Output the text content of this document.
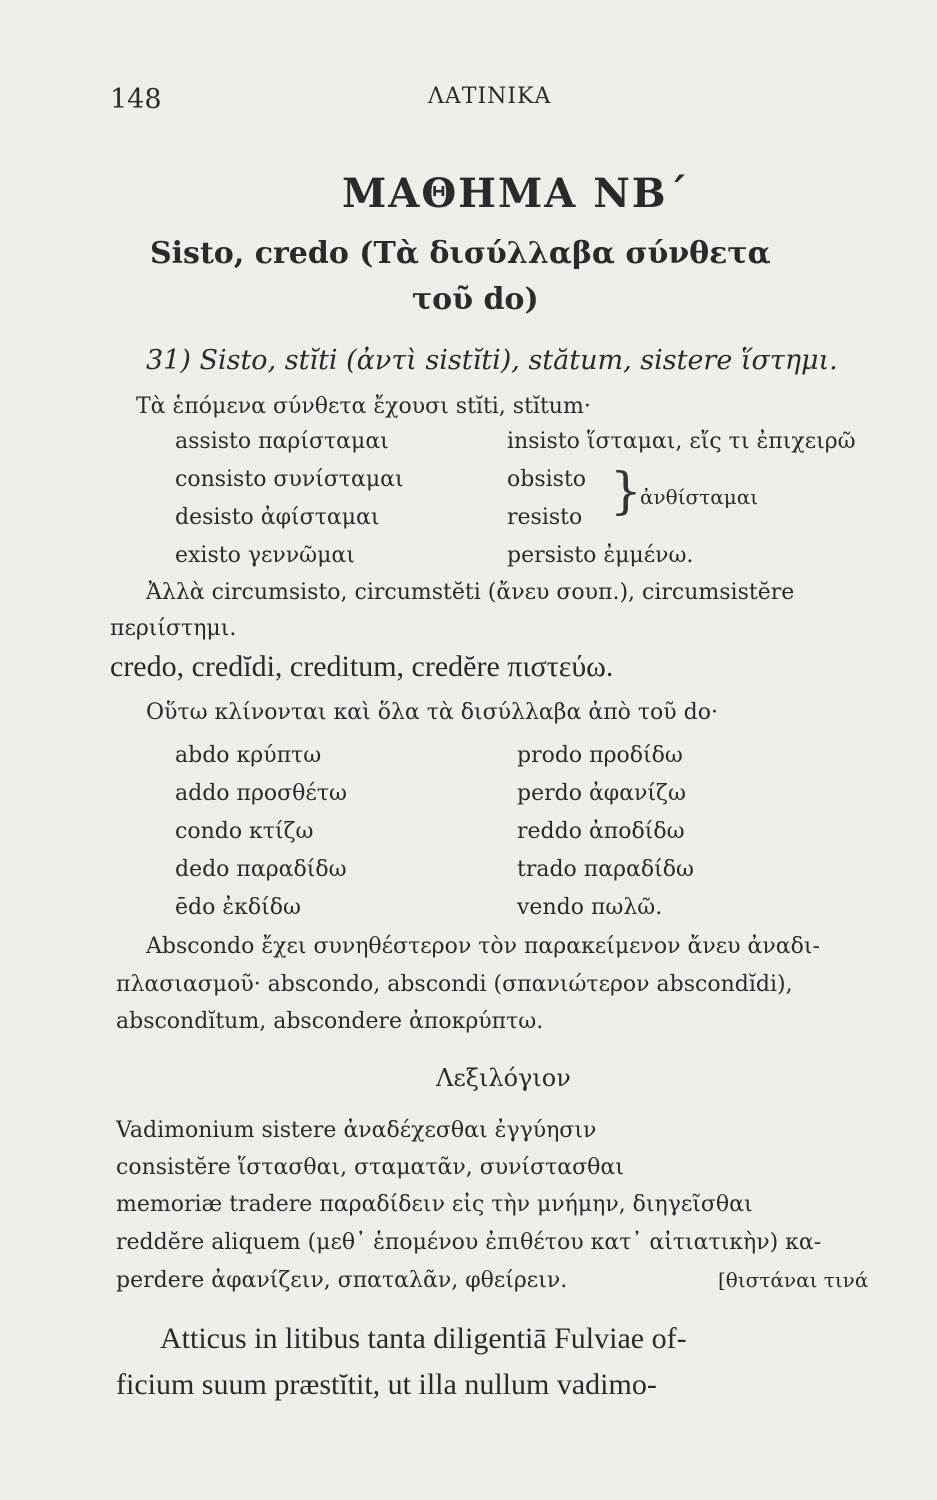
148	ΛΑΤΙΝΙΚΑ
ΜΑΘΗΜΑ ΝΒ΄
Sisto, credo (Τὰ δισύλλαβα σύνθετα
τοῦ do)
31) Sisto, stĭti (ἀντὶ sistĭti), stătum, sistere ἵστημι.
Τὰ ἑπόμενα σύνθετα ἔχουσι stĭti, stĭtum·
assisto παρίσταμαι
consisto συνίσταμαι
desisto ἀφίσταμαι
existo γεννῶμαι
insisto ἵσταμαι, εἴς τι ἐπιχειρῶ
obsisto
resisto }
ἀνθίσταμαι
persisto ἐμμένω.
Ἀλλὰ circumsisto, circumstĕti (ἄνευ σουπ.), circumsistĕre
περιίστημι.
credo, credĭdi, creditum, credĕre πιστεύω.
Οὕτω κλίνονται καὶ ὅλα τὰ δισύλλαβα ἀπὸ τοῦ do·
abdo κρύπτω
addo προσθέτω
condo κτίζω
dedo παραδίδω
ēdo ἐκδίδω
prodo προδίδω
perdo ἀφανίζω
reddo ἀποδίδω
trado παραδίδω
vendo πωλῶ.
Abscondo ἔχει συνηθέστερον τὸν παρακείμενον ἄνευ ἀναδι-
πλασιασμοῦ· abscondo, abscondi (σπανιώτερον abscondĭdi),
abscondĭtum, abscondere ἀποκρύπτω.
Λεξιλόγιον
Vadimonium sistere ἀναδέχεσθαι ἐγγύησιν
consistĕre ἵστασθαι, σταματᾶν, συνίστασθαι
memoriæ tradere παραδίδειν εἰς τὴν μνήμην, διηγεῖσθαι
reddĕre aliquem (μεθ᾽ ἑπομένου ἐπιθέτου κατ᾽ αἰτιατικὴν) κα-
perdere ἀφανίζειν, σπαταλᾶν, φθείρειν.	[θιστάναι τινά
Atticus in litibus tanta diligentiā Fulviae of-
ficium suum præstĭtit, ut illa nullum vadimo-
